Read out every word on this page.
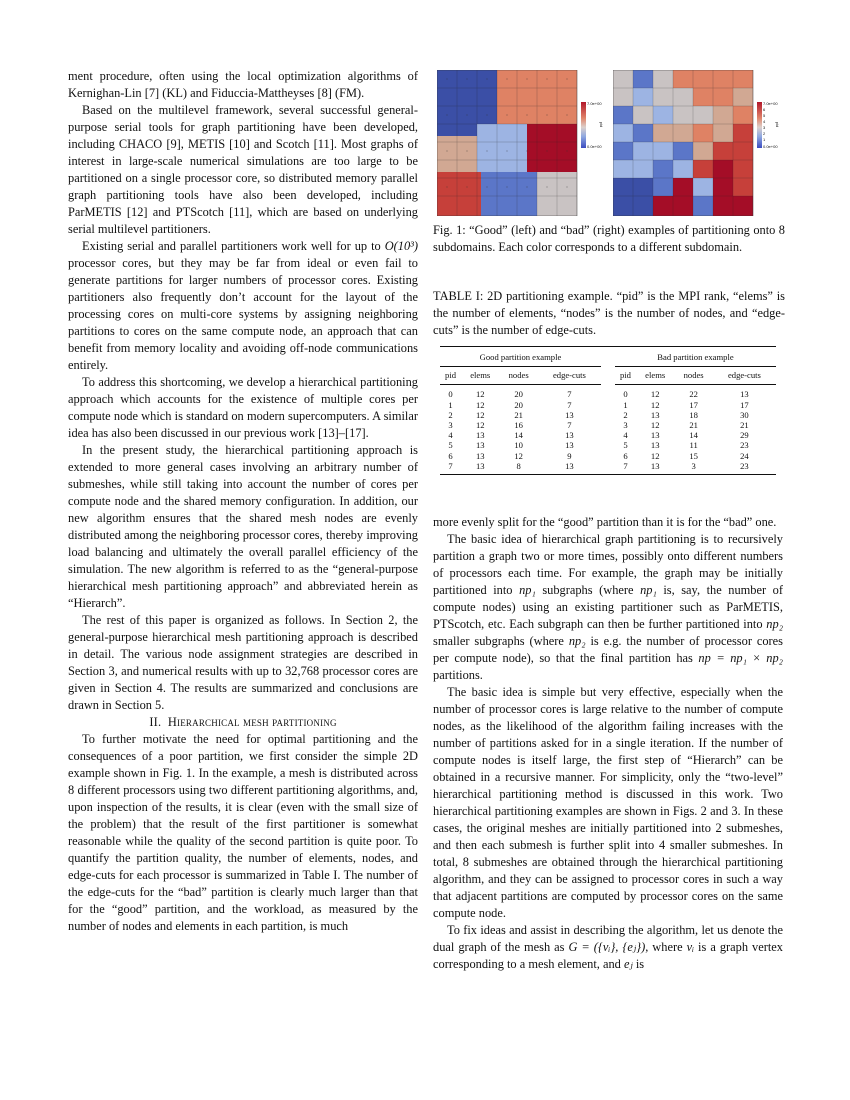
ment procedure, often using the local optimization algorithms of Kernighan-Lin [7] (KL) and Fiduccia-Mattheyses [8] (FM).

Based on the multilevel framework, several successful general-purpose serial tools for graph partitioning have been developed, including CHACO [9], METIS [10] and Scotch [11]. Most graphs of interest in large-scale numerical simulations are too large to be partitioned on a single processor core, so distributed memory parallel graph partitioning tools have also been developed, including ParMETIS [12] and PTScotch [11], which are based on underlying serial multilevel partitioners.

Existing serial and parallel partitioners work well for up to O(10³) processor cores, but they may be far from ideal or even fail to generate partitions for larger numbers of processor cores. Existing partitioners also frequently don’t account for the layout of the processing cores on multi-core systems by assigning neighboring partitions to cores on the same compute node, an approach that can benefit from memory locality and avoiding off-node communications entirely.

To address this shortcoming, we develop a hierarchical partitioning approach which accounts for the existence of multiple cores per compute node which is standard on modern supercomputers. A similar idea has also been discussed in our previous work [13]–[17].

In the present study, the hierarchical partitioning approach is extended to more general cases involving an arbitrary number of submeshes, while still taking into account the number of cores per compute node and the shared memory configuration. In addition, our new algorithm ensures that the shared mesh nodes are evenly distributed among the neighboring processor cores, thereby improving load balancing and ultimately the overall parallel efficiency of the simulation. The new algorithm is referred to as the “general-purpose hierarchical mesh partitioning approach” and abbreviated herein as “Hierarch”.

The rest of this paper is organized as follows. In Section 2, the general-purpose hierarchical mesh partitioning approach is described in detail. The various node assignment strategies are described in Section 3, and numerical results with up to 32,768 processor cores are given in Section 4. The results are summarized and conclusions are drawn in Section 5.

II. Hierarchical mesh partitioning

To further motivate the need for optimal partitioning and the consequences of a poor partition, we first consider the simple 2D example shown in Fig. 1. In the example, a mesh is distributed across 8 different processors using two different partitioning algorithms, and, upon inspection of the results, it is clear (even with the small size of the problem) that the result of the first partitioner is somewhat reasonable while the quality of the second partition is quite poor. To quantify the partition quality, the number of elements, nodes, and edge-cuts for each processor is summarized in Table I. The number of the edge-cuts for the “bad” partition is clearly much larger than that for the “good” partition, and the workload, as measured by the number of nodes and elements in each partition, is much

7.0e+00
0.0e+00
pid
7.0e+00
6
5
4
3
2
1
0.0e+00
pid
Fig. 1: “Good” (left) and “bad” (right) examples of partitioning onto 8 subdomains. Each color corresponds to a different subdomain.
TABLE I: 2D partitioning example. “pid” is the MPI rank, “elems” is the number of elements, “nodes” is the number of nodes, and “edge-cuts” is the number of edge-cuts.
Good partition example					Bad partition example			
pid	elems	nodes	edge-cuts		pid	elems	nodes	edge-cuts
0	12	20	7		0	12	22	13
1	12	20	7		1	12	17	17
2	12	21	13		2	13	18	30
3	12	16	7		3	12	21	21
4	13	14	13		4	13	14	29
5	13	10	13		5	13	11	23
6	13	12	9		6	12	15	24
7	13	8	13		7	13	3	23

more evenly split for the “good” partition than it is for the “bad” one.

The basic idea of hierarchical graph partitioning is to recursively partition a graph two or more times, possibly onto different numbers of processors each time. For example, the graph may be initially partitioned into np₁ subgraphs (where np₁ is, say, the number of compute nodes) using an existing partitioner such as ParMETIS, PTScotch, etc. Each subgraph can then be further partitioned into np₂ smaller subgraphs (where np₂ is e.g. the number of processor cores per compute node), so that the final partition has np = np₁ × np₂ partitions.

The basic idea is simple but very effective, especially when the number of processor cores is large relative to the number of compute nodes, as the likelihood of the algorithm failing increases with the number of partitions asked for in a single iteration. If the number of compute nodes is itself large, the first step of “Hierarch” can be obtained in a recursive manner. For simplicity, only the “two-level” hierarchical partitioning method is discussed in this work. Two hierarchical partitioning examples are shown in Figs. 2 and 3. In these cases, the original meshes are initially partitioned into 2 submeshes, and then each submesh is further split into 4 smaller submeshes. In total, 8 submeshes are obtained through the hierarchical partitioning algorithm, and they can be assigned to processor cores in such a way that adjacent partitions are computed by processor cores on the same compute node.

To fix ideas and assist in describing the algorithm, let us denote the dual graph of the mesh as G = ({vᵢ}, {eⱼ}), where vᵢ is a graph vertex corresponding to a mesh element, and eⱼ is
